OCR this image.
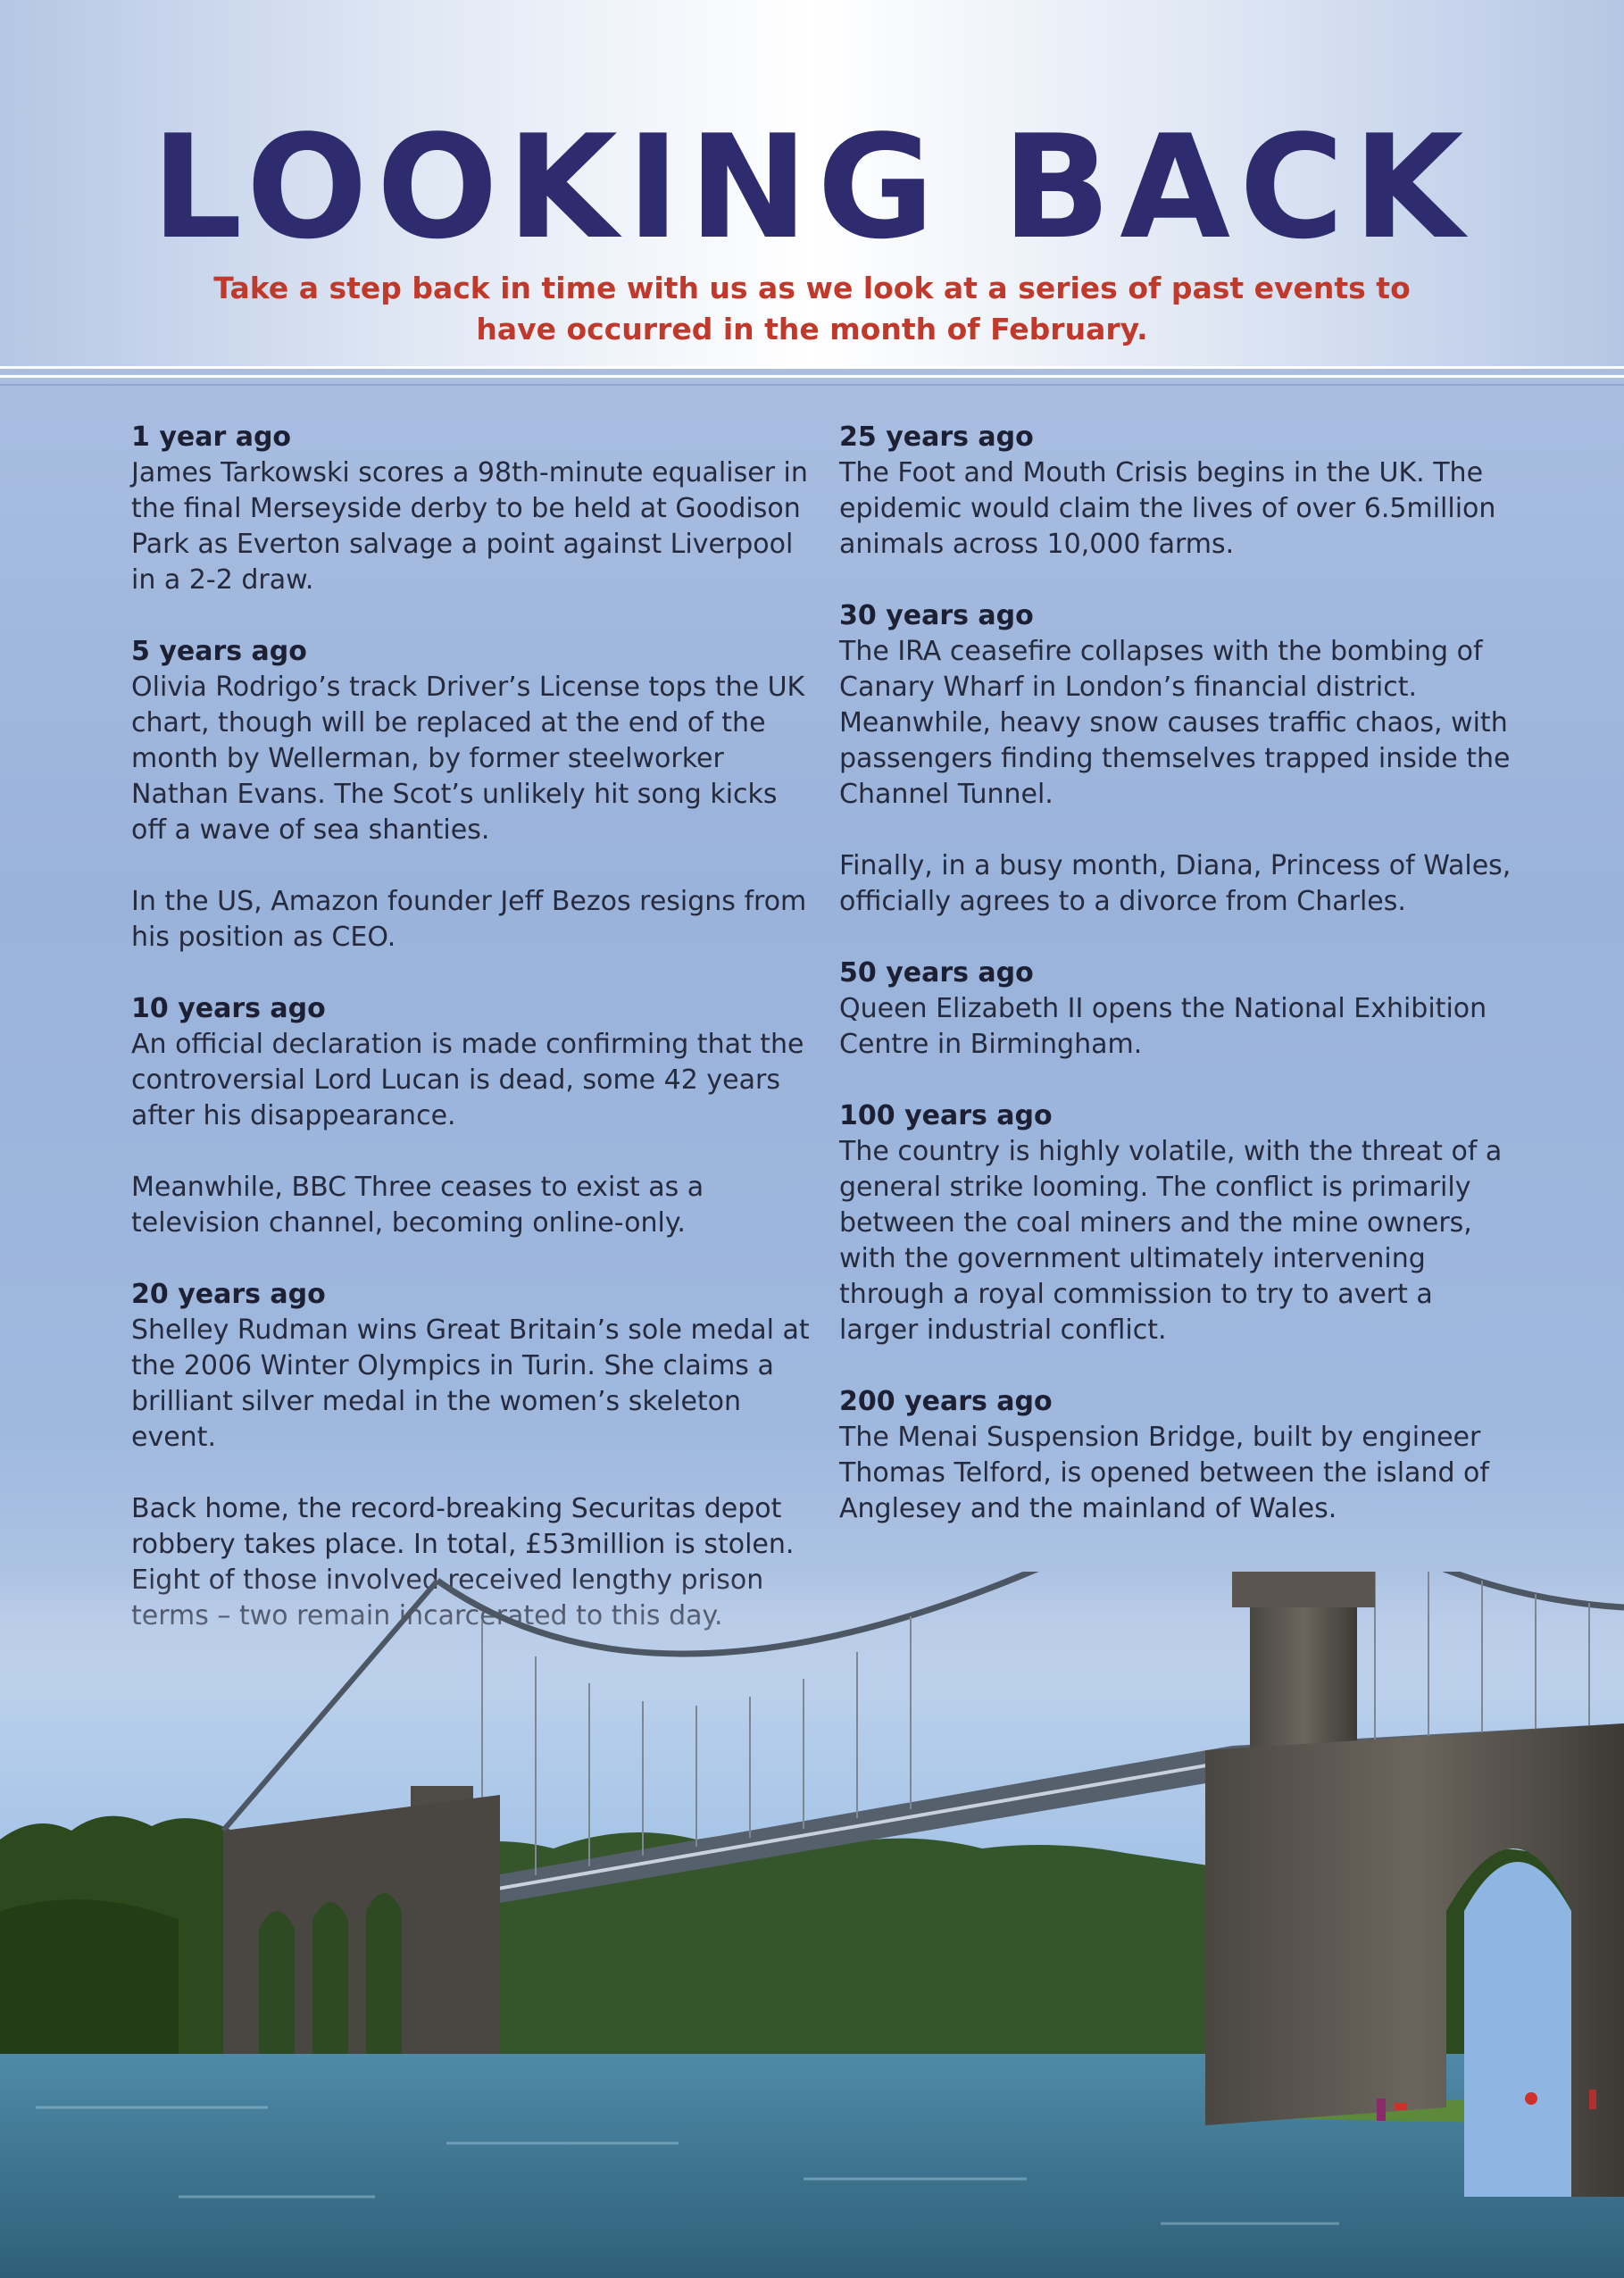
LOOKING BACK
Take a step back in time with us as we look at a series of past events to have occurred in the month of February.
1 year ago

James Tarkowski scores a 98th-minute equaliser in the final Merseyside derby to be held at Goodison Park as Everton salvage a point against Liverpool in a 2-2 draw.

5 years ago

Olivia Rodrigo’s track Driver’s License tops the UK chart, though will be replaced at the end of the month by Wellerman, by former steelworker Nathan Evans. The Scot’s unlikely hit song kicks off a wave of sea shanties.

In the US, Amazon founder Jeff Bezos resigns from his position as CEO.

10 years ago

An official declaration is made confirming that the controversial Lord Lucan is dead, some 42 years after his disappearance.

Meanwhile, BBC Three ceases to exist as a television channel, becoming online-only.

20 years ago

Shelley Rudman wins Great Britain’s sole medal at the 2006 Winter Olympics in Turin. She claims a brilliant silver medal in the women’s skeleton event.

Back home, the record-breaking Securitas depot robbery takes place. In total, £53million is stolen.

25 years ago

The Foot and Mouth Crisis begins in the UK. The epidemic would claim the lives of over 6.5million animals across 10,000 farms.

30 years ago

The IRA ceasefire collapses with the bombing of Canary Wharf in London’s financial district. Meanwhile, heavy snow causes traffic chaos, with passengers finding themselves trapped inside the Channel Tunnel.

Finally, in a busy month, Diana, Princess of Wales, officially agrees to a divorce from Charles.

50 years ago

Queen Elizabeth II opens the National Exhibition Centre in Birmingham.

100 years ago

The country is highly volatile, with the threat of a general strike looming. The conflict is primarily between the coal miners and the mine owners, with the government ultimately intervening through a royal commission to try to avert a larger industrial conflict.

200 years ago

The Menai Suspension Bridge, built by engineer Thomas Telford, is opened between the island of Anglesey and the mainland of Wales.
